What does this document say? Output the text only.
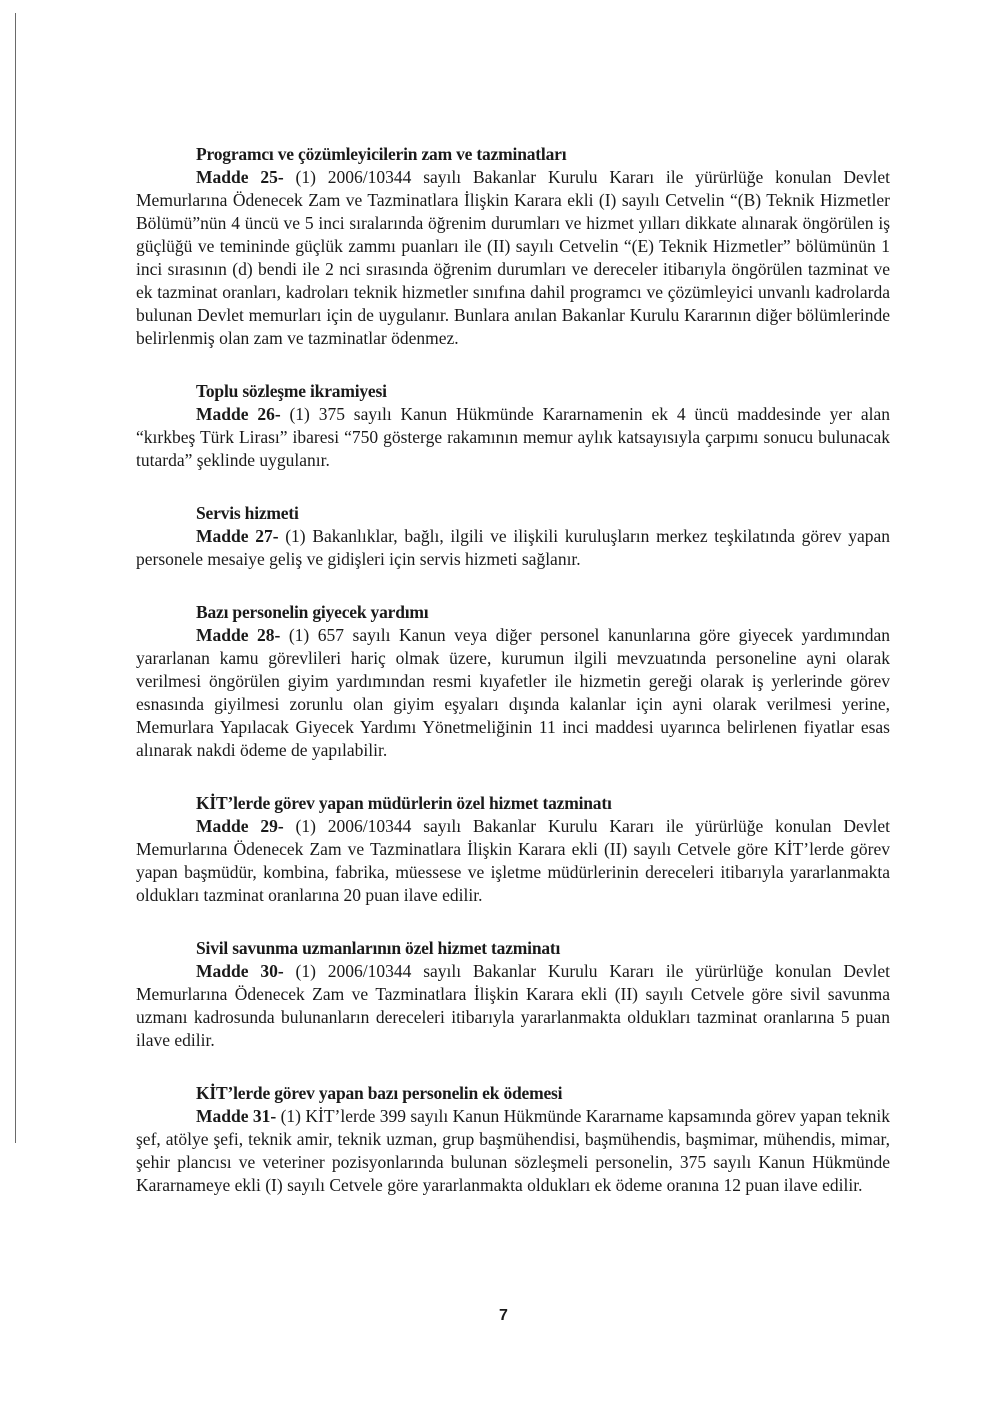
Programcı ve çözümleyicilerin zam ve tazminatları

Madde 25- (1) 2006/10344 sayılı Bakanlar Kurulu Kararı ile yürürlüğe konulan Devlet Memurlarına Ödenecek Zam ve Tazminatlara İlişkin Karara ekli (I) sayılı Cetvelin “(B) Teknik Hizmetler Bölümü”nün 4 üncü ve 5 inci sıralarında öğrenim durumları ve hizmet yılları dikkate alınarak öngörülen iş güçlüğü ve temininde güçlük zammı puanları ile (II) sayılı Cetvelin “(E) Teknik Hizmetler” bölümünün 1 inci sırasının (d) bendi ile 2 nci sırasında öğrenim durumları ve dereceler itibarıyla öngörülen tazminat ve ek tazminat oranları, kadroları teknik hizmetler sınıfına dahil programcı ve çözümleyici unvanlı kadrolarda bulunan Devlet memurları için de uygulanır. Bunlara anılan Bakanlar Kurulu Kararının diğer bölümlerinde belirlenmiş olan zam ve tazminatlar ödenmez.

Toplu sözleşme ikramiyesi

Madde 26- (1) 375 sayılı Kanun Hükmünde Kararnamenin ek 4 üncü maddesinde yer alan “kırkbeş Türk Lirası” ibaresi “750 gösterge rakamının memur aylık katsayısıyla çarpımı sonucu bulunacak tutarda” şeklinde uygulanır.

Servis hizmeti

Madde 27- (1) Bakanlıklar, bağlı, ilgili ve ilişkili kuruluşların merkez teşkilatında görev yapan personele mesaiye geliş ve gidişleri için servis hizmeti sağlanır.

Bazı personelin giyecek yardımı

Madde 28- (1) 657 sayılı Kanun veya diğer personel kanunlarına göre giyecek yardımından yararlanan kamu görevlileri hariç olmak üzere, kurumun ilgili mevzuatında personeline ayni olarak verilmesi öngörülen giyim yardımından resmi kıyafetler ile hizmetin gereği olarak iş yerlerinde görev esnasında giyilmesi zorunlu olan giyim eşyaları dışında kalanlar için ayni olarak verilmesi yerine, Memurlara Yapılacak Giyecek Yardımı Yönetmeliğinin 11 inci maddesi uyarınca belirlenen fiyatlar esas alınarak nakdi ödeme de yapılabilir.

KİT’lerde görev yapan müdürlerin özel hizmet tazminatı

Madde 29- (1) 2006/10344 sayılı Bakanlar Kurulu Kararı ile yürürlüğe konulan Devlet Memurlarına Ödenecek Zam ve Tazminatlara İlişkin Karara ekli (II) sayılı Cetvele göre KİT’lerde görev yapan başmüdür, kombina, fabrika, müessese ve işletme müdürlerinin dereceleri itibarıyla yararlanmakta oldukları tazminat oranlarına 20 puan ilave edilir.

Sivil savunma uzmanlarının özel hizmet tazminatı

Madde 30- (1) 2006/10344 sayılı Bakanlar Kurulu Kararı ile yürürlüğe konulan Devlet Memurlarına Ödenecek Zam ve Tazminatlara İlişkin Karara ekli (II) sayılı Cetvele göre sivil savunma uzmanı kadrosunda bulunanların dereceleri itibarıyla yararlanmakta oldukları tazminat oranlarına 5 puan ilave edilir.

KİT’lerde görev yapan bazı personelin ek ödemesi

Madde 31- (1) KİT’lerde 399 sayılı Kanun Hükmünde Kararname kapsamında görev yapan teknik şef, atölye şefi, teknik amir, teknik uzman, grup başmühendisi, başmühendis, başmimar, mühendis, mimar, şehir plancısı ve veteriner pozisyonlarında bulunan sözleşmeli personelin, 375 sayılı Kanun Hükmünde Kararnameye ekli (I) sayılı Cetvele göre yararlanmakta oldukları ek ödeme oranına 12 puan ilave edilir.

7
